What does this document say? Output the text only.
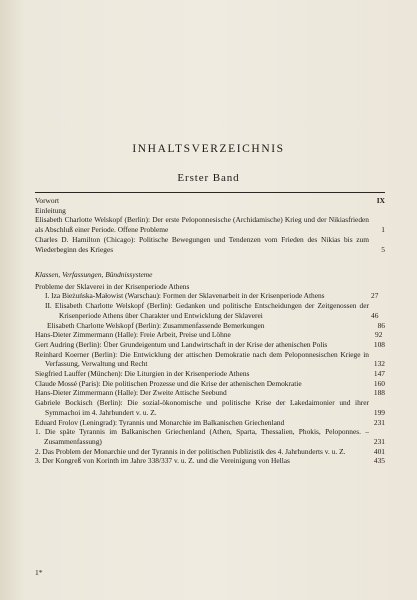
INHALTSVERZEICHNIS
Erster Band
Vorwort	IX
Einleitung
Elisabeth Charlotte Welskopf (Berlin): Der erste Peloponnesische (Archidamische) Krieg und der Nikiasfrieden als Abschluß einer Periode. Offene Probleme	1
Charles D. Hamilton (Chicago): Politische Bewegungen und Tendenzen vom Frieden des Nikias bis zum Wiederbeginn des Krieges	5
Klassen, Verfassungen, Bündnissysteme
Probleme der Sklaverei in der Krisenperiode Athens
I. Iza Bieżuńska-Małowist (Warschau): Formen der Sklavenarbeit in der Krisenperiode Athens	27
II. Elisabeth Charlotte Welskopf (Berlin): Gedanken und politische Entscheidungen der Zeitgenossen der Krisenperiode Athens über Charakter und Entwicklung der Sklaverei	46
Elisabeth Charlotte Welskopf (Berlin): Zusammenfassende Bemerkungen	86
Hans-Dieter Zimmermann (Halle): Freie Arbeit, Preise und Löhne	92
Gert Audring (Berlin): Über Grundeigentum und Landwirtschaft in der Krise der athenischen Polis	108
Reinhard Koerner (Berlin): Die Entwicklung der attischen Demokratie nach dem Peloponnesischen Kriege in Verfassung, Verwaltung und Recht	132
Siegfried Lauffer (München): Die Liturgien in der Krisenperiode Athens	147
Claude Mossé (Paris): Die politischen Prozesse und die Krise der athenischen Demokratie	160
Hans-Dieter Zimmermann (Halle): Der Zweite Attische Seebund	188
Gabriele Bockisch (Berlin): Die sozial-ökonomische und politische Krise der Lakedaimonier und ihrer Symmachoi im 4. Jahrhundert v. u. Z.	199
Eduard Frolov (Leningrad): Tyrannis und Monarchie im Balkanischen Griechenland	231
1. Die späte Tyrannis im Balkanischen Griechenland (Athen, Sparta, Thessalien, Phokis, Peloponnes. – Zusammenfassung)	231
2. Das Problem der Monarchie und der Tyrannis in der politischen Publizistik des 4. Jahrhunderts v. u. Z.	401
3. Der Kongreß von Korinth im Jahre 338/337 v. u. Z. und die Vereinigung von Hellas	435
1*
